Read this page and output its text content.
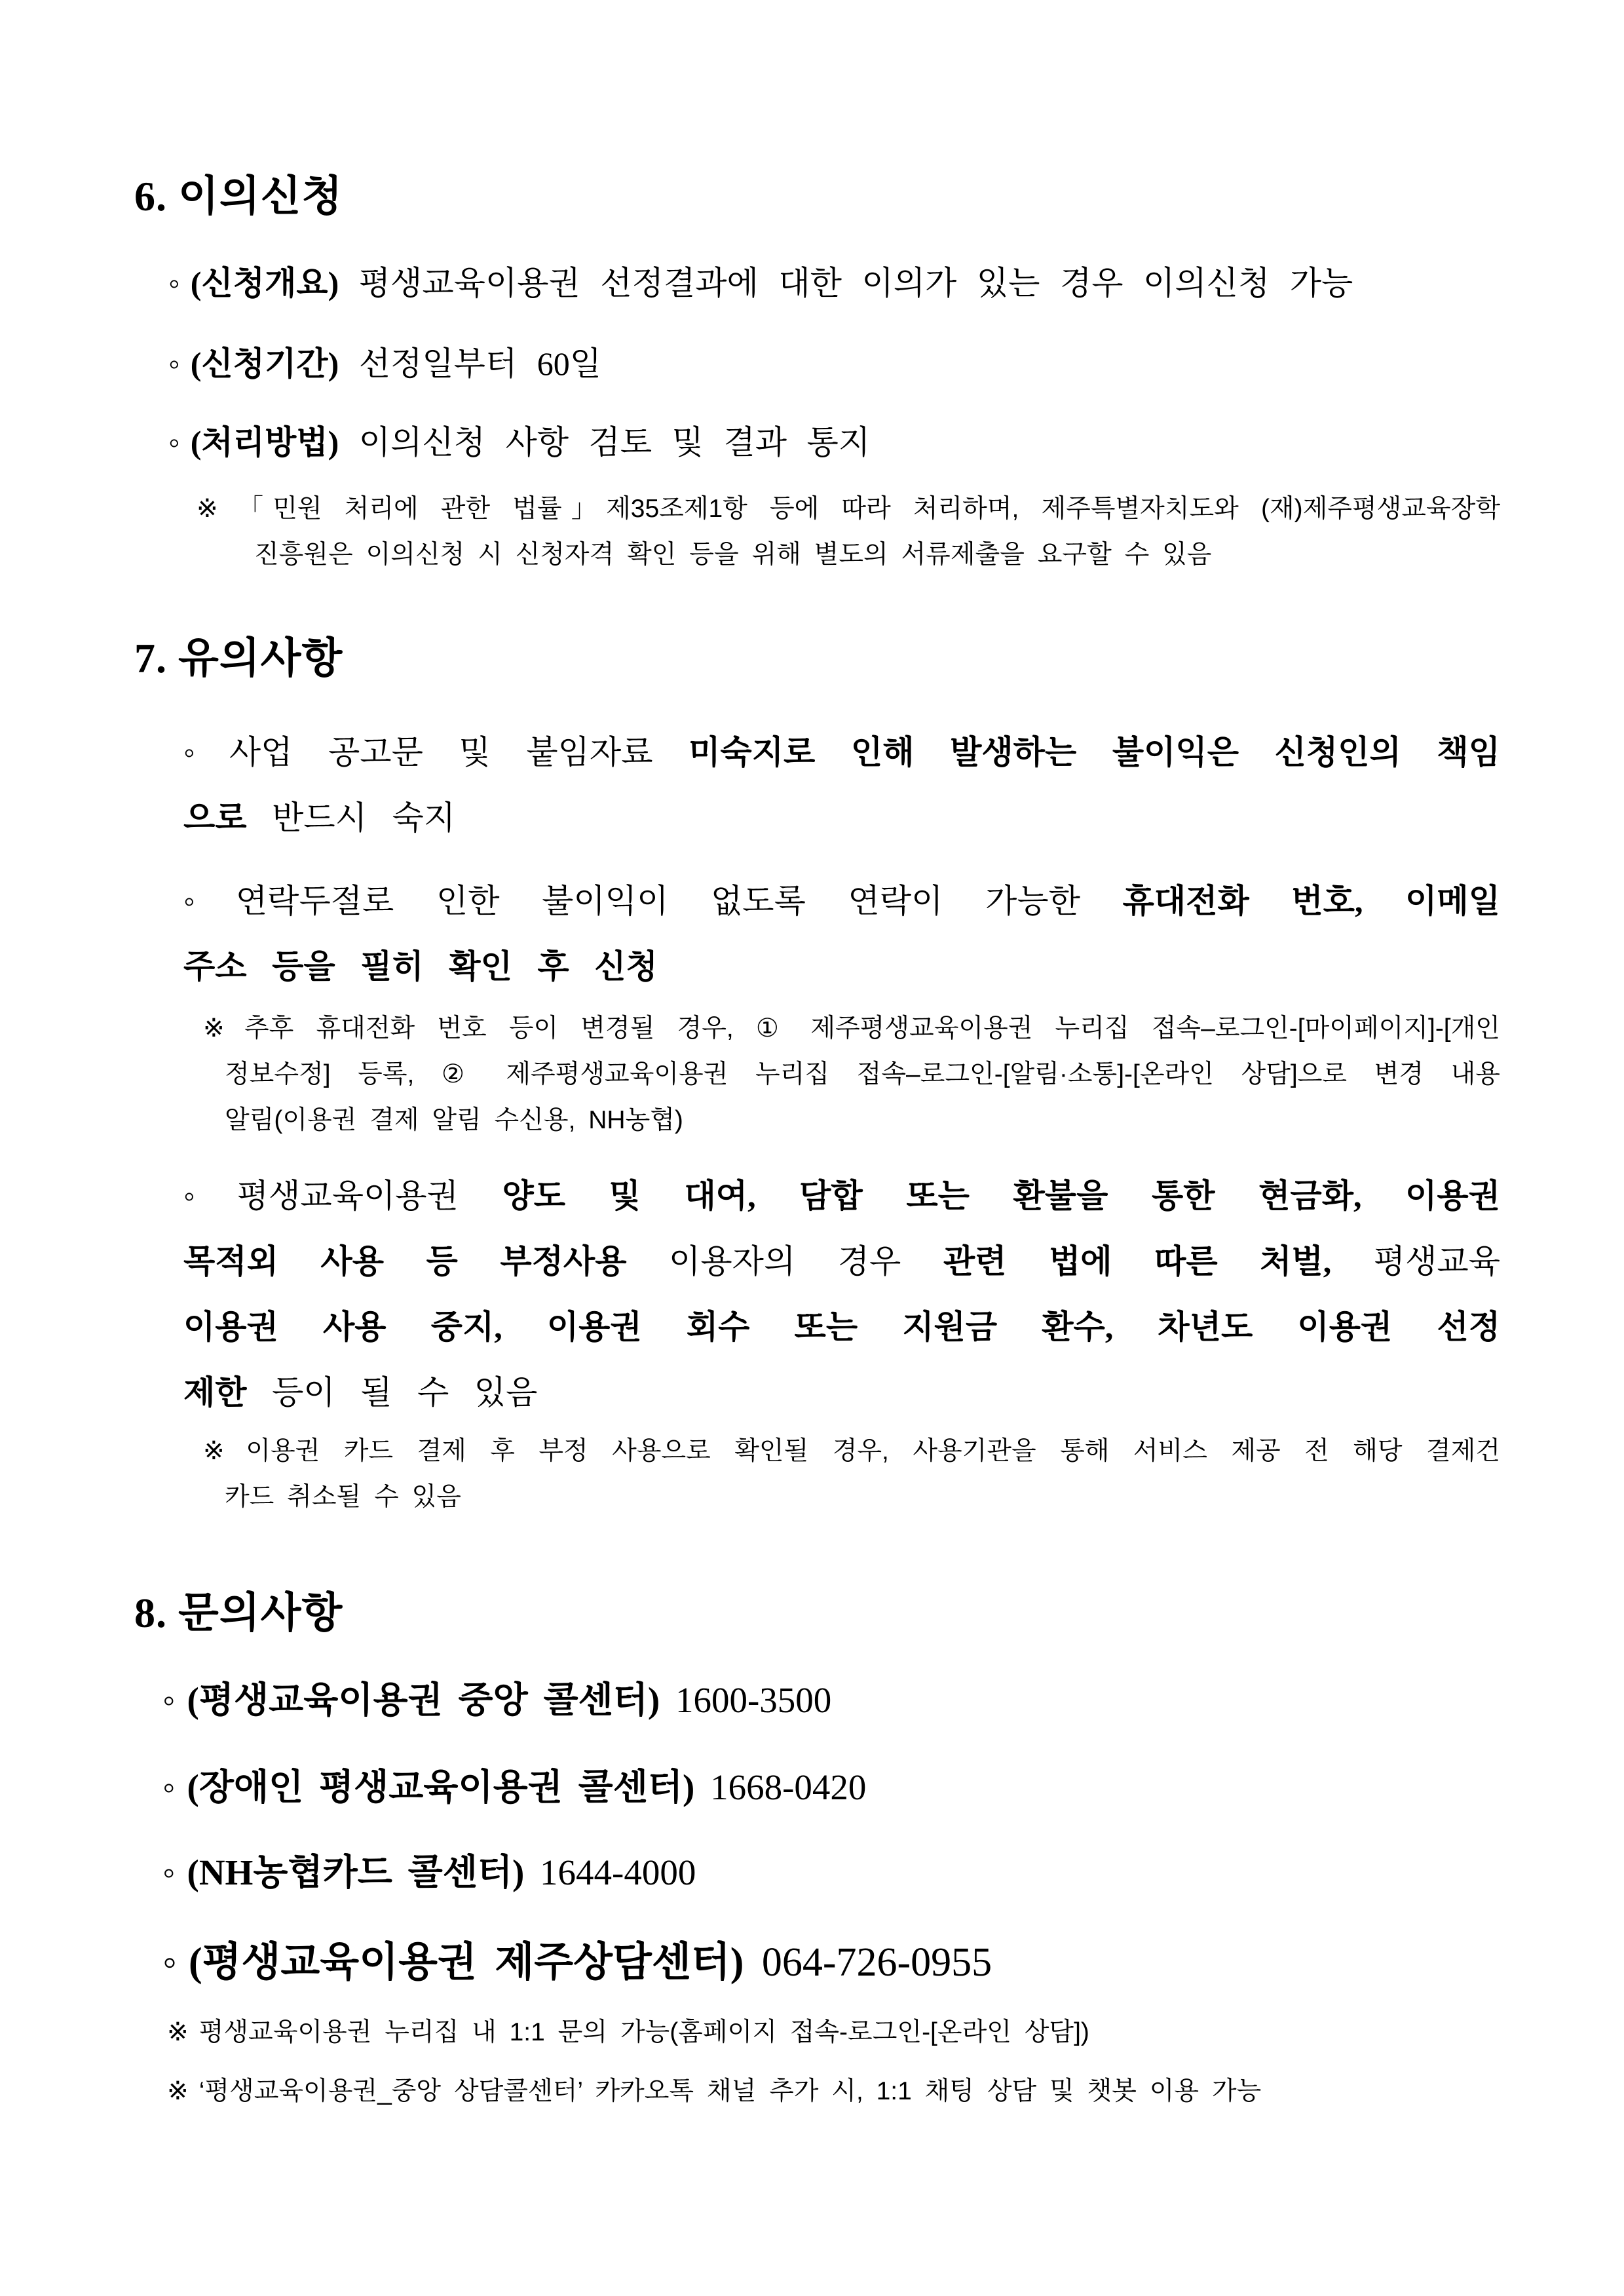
6. 이의신청
◦ (신청개요) 평생교육이용권 선정결과에 대한 이의가 있는 경우 이의신청 가능
◦ (신청기간) 선정일부터 60일
◦ (처리방법) 이의신청 사항 검토 및 결과 통지
※ 「민원 처리에 관한 법률」제35조제1항 등에 따라 처리하며, 제주특별자치도와 (재)제주평생교육장학
진흥원은 이의신청 시 신청자격 확인 등을 위해 별도의 서류제출을 요구할 수 있음
7. 유의사항
◦ 사업 공고문 및 붙임자료 미숙지로 인해 발생하는 불이익은 신청인의 책임
으로 반드시 숙지
◦ 연락두절로 인한 불이익이 없도록 연락이 가능한 휴대전화 번호, 이메일
주소 등을 필히 확인 후 신청
※ 추후 휴대전화 번호 등이 변경될 경우, ① 제주평생교육이용권 누리집 접속–로그인-[마이페이지]-[개인
정보수정] 등록, ② 제주평생교육이용권 누리집 접속–로그인-[알림·소통]-[온라인 상담]으로 변경 내용
알림(이용권 결제 알림 수신용, NH농협)
◦ 평생교육이용권 양도 및 대여, 담합 또는 환불을 통한 현금화, 이용권
목적외 사용 등 부정사용 이용자의 경우 관련 법에 따른 처벌, 평생교육
이용권 사용 중지, 이용권 회수 또는 지원금 환수, 차년도 이용권 선정
제한 등이 될 수 있음
※ 이용권 카드 결제 후 부정 사용으로 확인될 경우, 사용기관을 통해 서비스 제공 전 해당 결제건
카드 취소될 수 있음
8. 문의사항
◦ (평생교육이용권 중앙 콜센터) 1600-3500
◦ (장애인 평생교육이용권 콜센터) 1668-0420
◦ (NH농협카드 콜센터) 1644-4000
◦ (평생교육이용권 제주상담센터) 064-726-0955
※ 평생교육이용권 누리집 내 1:1 문의 가능(홈페이지 접속-로그인-[온라인 상담])
※ ‘평생교육이용권_중앙 상담콜센터’ 카카오톡 채널 추가 시, 1:1 채팅 상담 및 챗봇 이용 가능
